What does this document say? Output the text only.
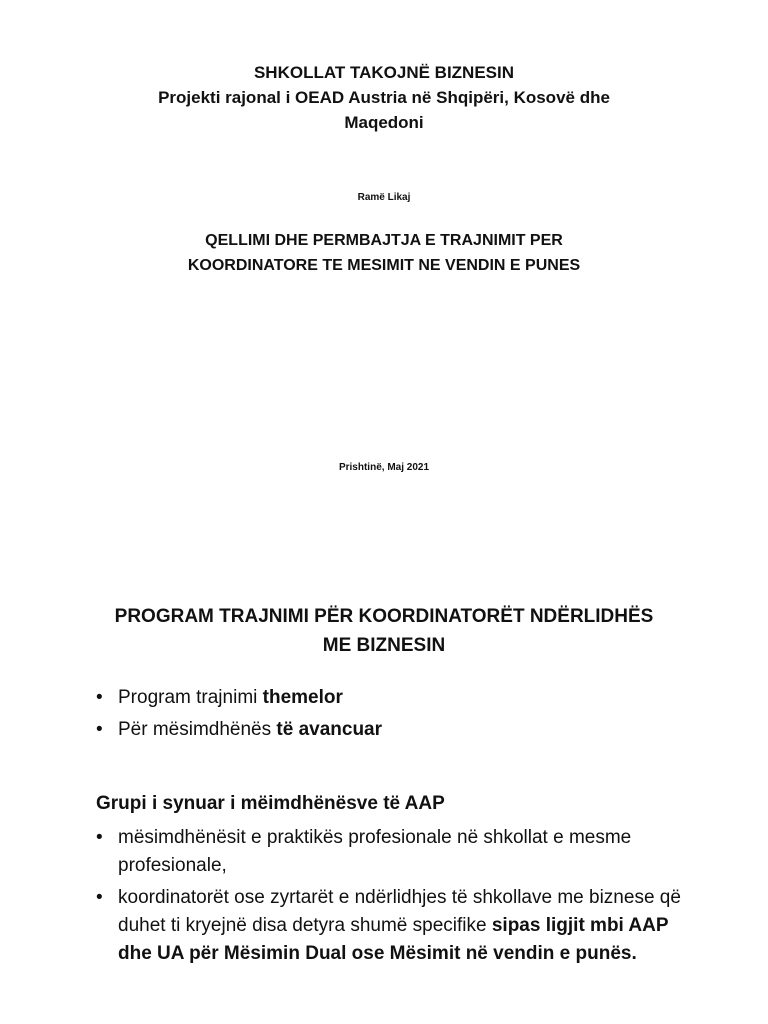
SHKOLLAT TAKOJNË BIZNESIN
Projekti rajonal i OEAD Austria në Shqipëri, Kosovë dhe
Maqedoni
Ramë Likaj
QELLIMI DHE PERMBAJTJA E TRAJNIMIT PER
KOORDINATORE TE MESIMIT NE VENDIN E PUNES
Prishtinë, Maj 2021
PROGRAM TRAJNIMI PËR KOORDINATORËT NDËRLIDHËS
ME BIZNESIN
• Program trajnimi themelor
• Për mësimdhënës të avancuar
Grupi i synuar i mëimdhënësve të AAP
• mësimdhënësit e praktikës profesionale në shkollat e mesme profesionale,
• koordinatorët ose zyrtarët e ndërlidhjes të shkollave me biznese që duhet ti kryejnë disa detyra shumë specifike sipas ligjit mbi AAP dhe UA për Mësimin Dual ose Mësimit në vendin e punës.
